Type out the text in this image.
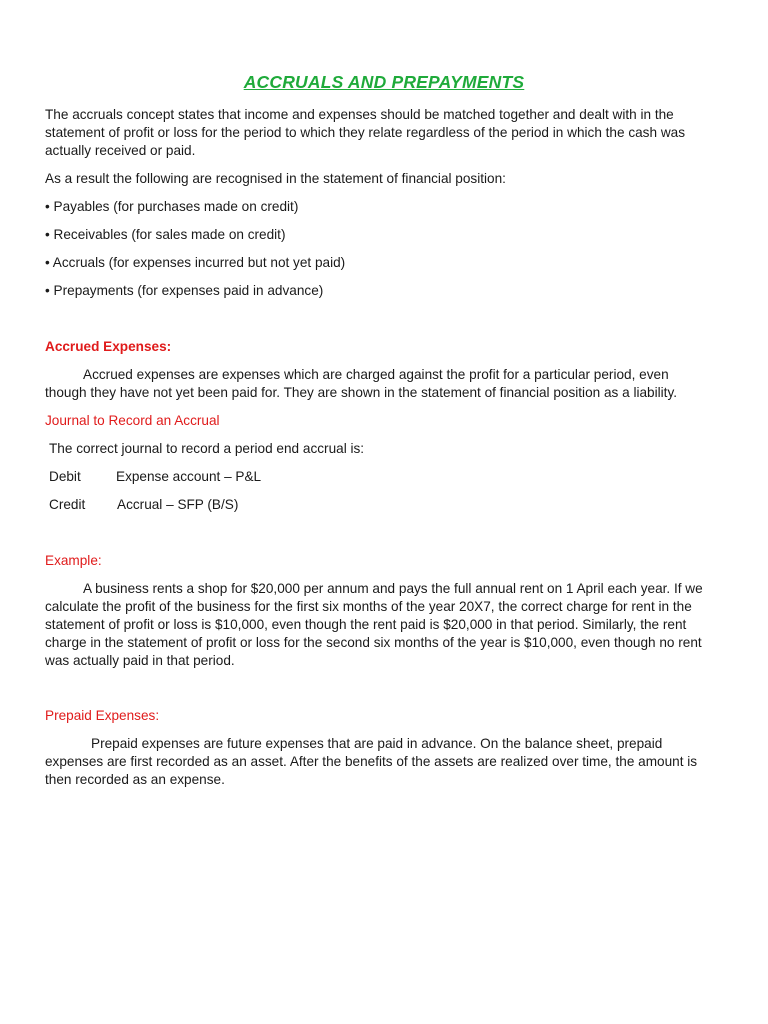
ACCRUALS AND PREPAYMENTS
The accruals concept states that income and expenses should be matched together and dealt with in the
statement of profit or loss for the period to which they relate regardless of the period in which the cash was
actually received or paid.
As a result the following are recognised in the statement of financial position:
• Payables (for purchases made on credit)
• Receivables (for sales made on credit)
• Accruals (for expenses incurred but not yet paid)
• Prepayments (for expenses paid in advance)
Accrued Expenses:
Accrued expenses are expenses which are charged against the profit for a particular period, even
though they have not yet been paid for. They are shown in the statement of financial position as a liability.
Journal to Record an Accrual
The correct journal to record a period end accrual is:
Debit	Expense account – P&L
Credit Accrual – SFP (B/S)
Example:
A business rents a shop for $20,000 per annum and pays the full annual rent on 1 April each year. If we
calculate the profit of the business for the first six months of the year 20X7, the correct charge for rent in the
statement of profit or loss is $10,000, even though the rent paid is $20,000 in that period. Similarly, the rent
charge in the statement of profit or loss for the second six months of the year is $10,000, even though no rent
was actually paid in that period.
Prepaid Expenses:
Prepaid expenses are future expenses that are paid in advance. On the balance sheet, prepaid
expenses are first recorded as an asset. After the benefits of the assets are realized over time, the amount is
then recorded as an expense.
